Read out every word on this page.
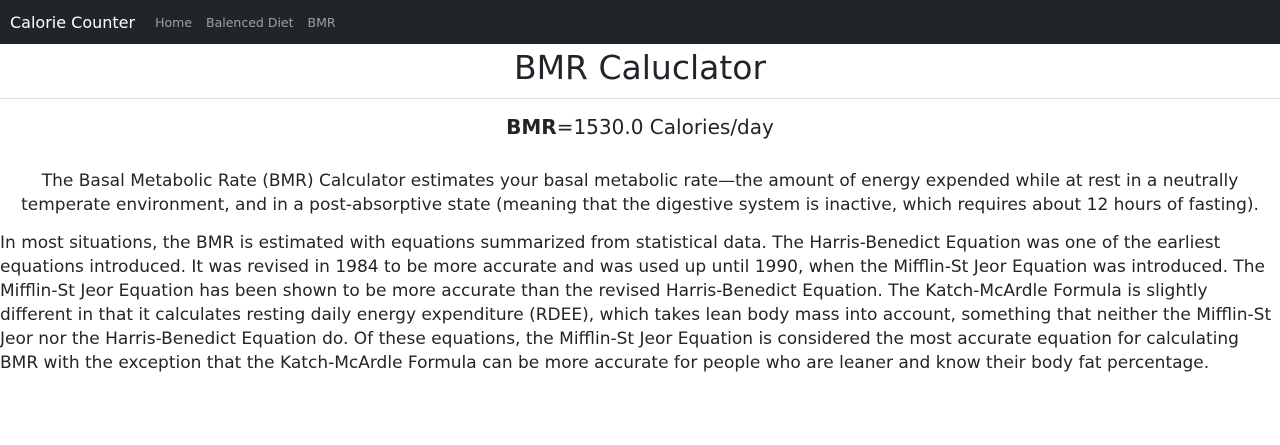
Calorie Counter Home Balenced Diet BMR
BMR Caluclator
BMR=1530.0 Calories/day

The Basal Metabolic Rate (BMR) Calculator estimates your basal metabolic rate—the amount of energy expended while at rest in a neutrally temperate environment, and in a post-absorptive state (meaning that the digestive system is inactive, which requires about 12 hours of fasting).

In most situations, the BMR is estimated with equations summarized from statistical data. The Harris-Benedict Equation was one of the earliest equations introduced. It was revised in 1984 to be more accurate and was used up until 1990, when the Mifflin-St Jeor Equation was introduced. The Mifflin-St Jeor Equation has been shown to be more accurate than the revised Harris-Benedict Equation. The Katch-McArdle Formula is slightly different in that it calculates resting daily energy expenditure (RDEE), which takes lean body mass into account, something that neither the Mifflin-St Jeor nor the Harris-Benedict Equation do. Of these equations, the Mifflin-St Jeor Equation is considered the most accurate equation for calculating BMR with the exception that the Katch-McArdle Formula can be more accurate for people who are leaner and know their body fat percentage.
